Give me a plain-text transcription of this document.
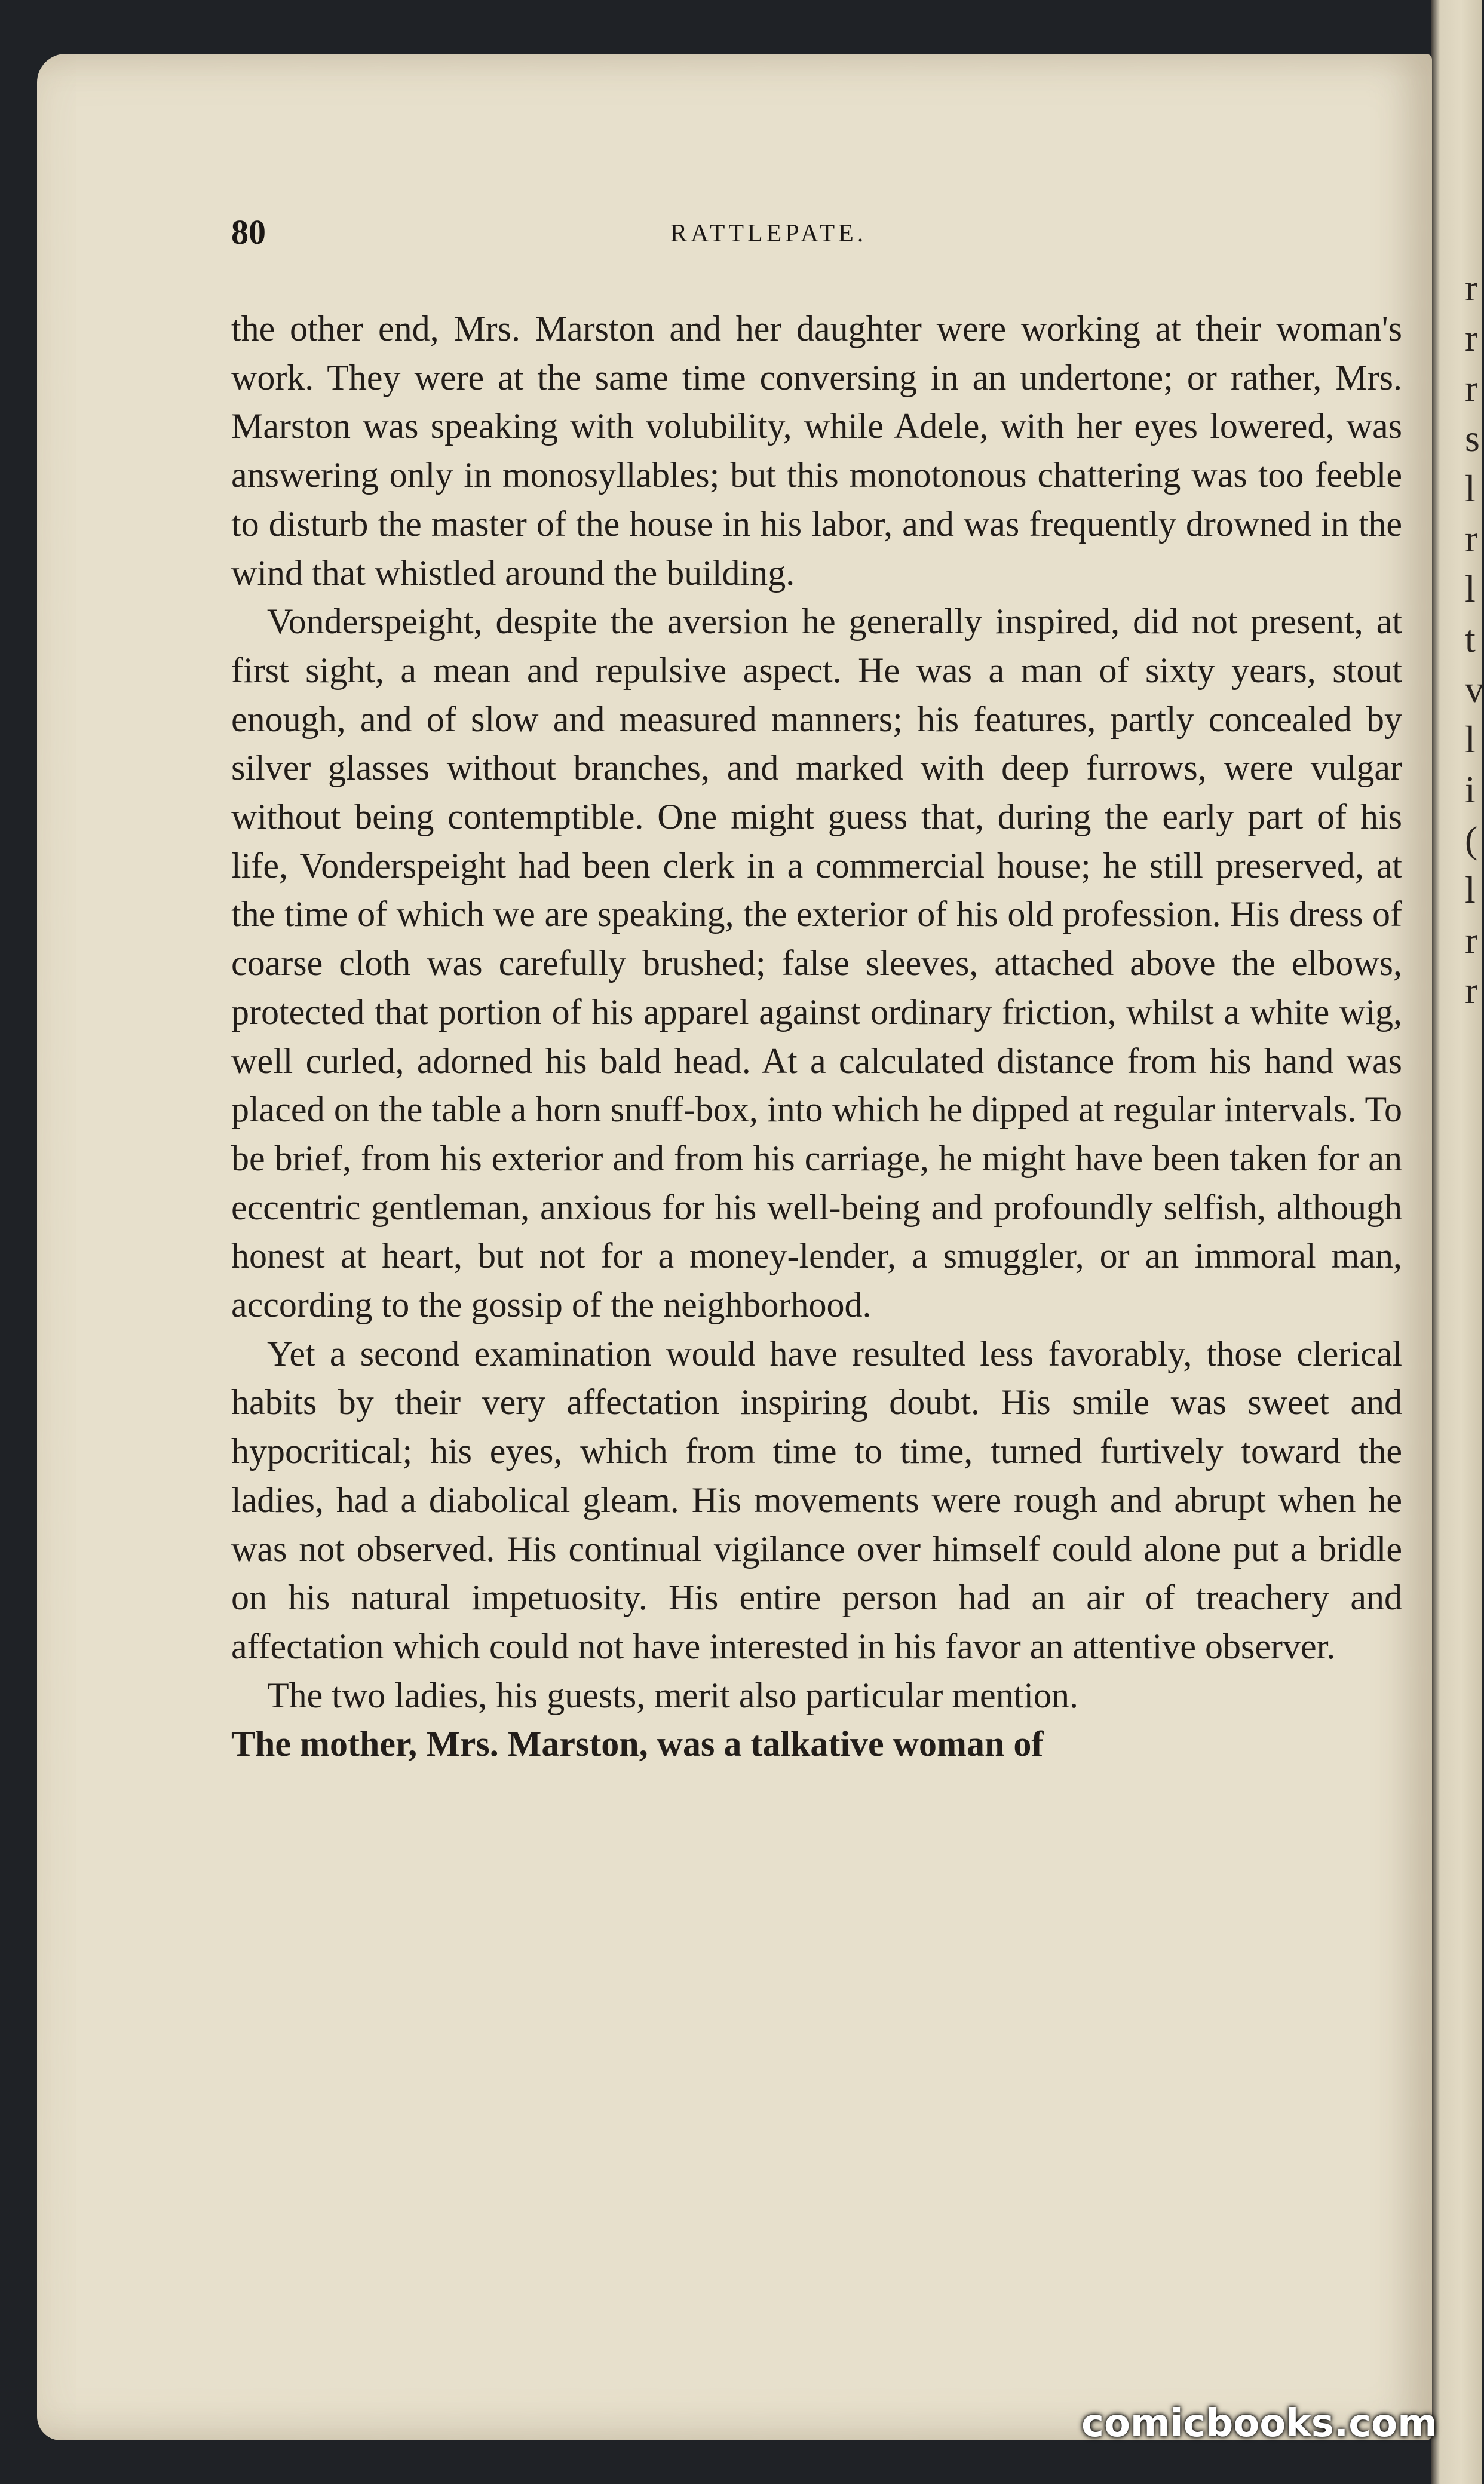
r
r
r
s
l
r
l
t
v
l
i
(
l
r
r
80	RATTLEPATE.

the other end, Mrs. Marston and her daughter were working at their woman's work. They were at the same time conversing in an undertone; or rather, Mrs. Marston was speaking with volubility, while Adele, with her eyes lowered, was answering only in monosyllables; but this monotonous chattering was too feeble to disturb the master of the house in his labor, and was frequently drowned in the wind that whistled around the building.

Vonderspeight, despite the aversion he generally inspired, did not present, at first sight, a mean and repulsive aspect. He was a man of sixty years, stout enough, and of slow and measured manners; his features, partly concealed by silver glasses without branches, and marked with deep furrows, were vulgar without being contemptible. One might guess that, during the early part of his life, Vonderspeight had been clerk in a commercial house; he still preserved, at the time of which we are speaking, the exterior of his old profession. His dress of coarse cloth was carefully brushed; false sleeves, attached above the elbows, protected that portion of his apparel against ordinary friction, whilst a white wig, well curled, adorned his bald head. At a calculated distance from his hand was placed on the table a horn snuff-box, into which he dipped at regular intervals. To be brief, from his exterior and from his carriage, he might have been taken for an eccentric gentleman, anxious for his well-being and profoundly selfish, although honest at heart, but not for a money-lender, a smuggler, or an immoral man, according to the gossip of the neighborhood.

Yet a second examination would have resulted less favorably, those clerical habits by their very affectation inspiring doubt. His smile was sweet and hypocritical; his eyes, which from time to time, turned furtively toward the ladies, had a diabolical gleam. His movements were rough and abrupt when he was not observed. His continual vigilance over himself could alone put a bridle on his natural impetuosity. His entire person had an air of treachery and affectation which could not have interested in his favor an attentive observer.

The two ladies, his guests, merit also particular mention.

The mother, Mrs. Marston, was a talkative woman of

comicbooks.com
